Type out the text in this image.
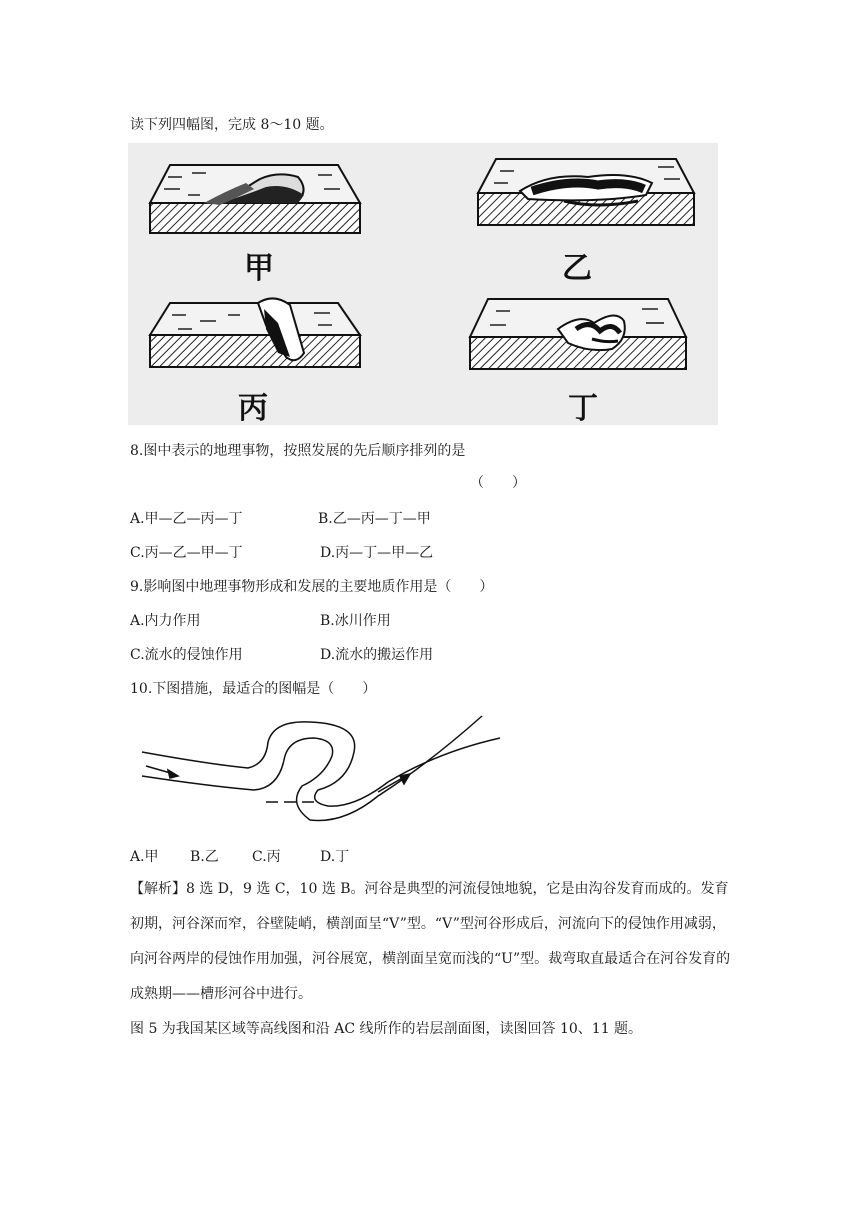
读下列四幅图，完成 8～10 题。
甲	乙
丙	丁
8.图中表示的地理事物，按照发展的先后顺序排列的是
（　　）
A.甲—乙—丙—丁	B.乙—丙—丁—甲
C.丙—乙—甲—丁	D.丙—丁—甲—乙
9.影响图中地理事物形成和发展的主要地质作用是（　　）
A.内力作用	B.冰川作用
C.流水的侵蚀作用	D.流水的搬运作用
10.下图措施，最适合的图幅是（　　）
A.甲 B.乙 C.丙	D.丁
【解析】8 选 D，9 选 C，10 选 B。河谷是典型的河流侵蚀地貌，它是由沟谷发育而成的。发育初期，河谷深而窄，谷壁陡峭，横剖面呈“V”型。“V”型河谷形成后，河流向下的侵蚀作用减弱，向河谷两岸的侵蚀作用加强，河谷展宽，横剖面呈宽而浅的“U”型。裁弯取直最适合在河谷发育的成熟期——槽形河谷中进行。
图 5 为我国某区域等高线图和沿 AC 线所作的岩层剖面图，读图回答 10、11 题。
